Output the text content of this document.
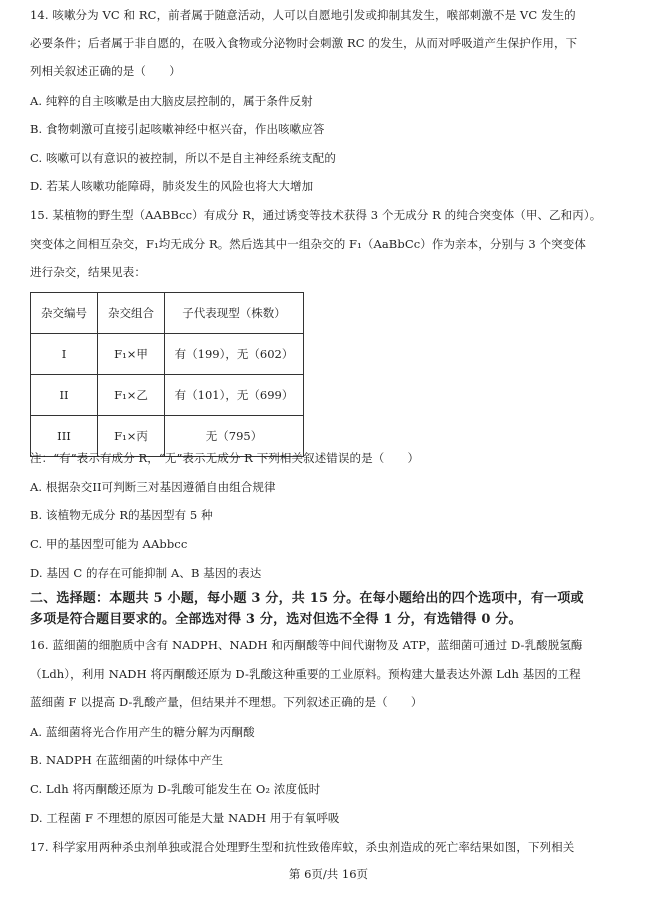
14. 咳嗽分为 VC 和 RC，前者属于随意活动，人可以自愿地引发或抑制其发生，喉部刺激不是 VC 发生的
必要条件；后者属于非自愿的，在吸入食物或分泌物时会刺激 RC 的发生，从而对呼吸道产生保护作用，下
列相关叙述正确的是（　　）
A. 纯粹的自主咳嗽是由大脑皮层控制的，属于条件反射
B. 食物刺激可直接引起咳嗽神经中枢兴奋，作出咳嗽应答
C. 咳嗽可以有意识的被控制，所以不是自主神经系统支配的
D. 若某人咳嗽功能障碍，肺炎发生的风险也将大大增加
15. 某植物的野生型（AABBcc）有成分 R，通过诱变等技术获得 3 个无成分 R 的纯合突变体（甲、乙和丙）。
突变体之间相互杂交，F₁均无成分 R。然后选其中一组杂交的 F₁（AaBbCc）作为亲本，分别与 3 个突变体
进行杂交，结果见表：
杂交编号	杂交组合	子代表现型（株数）
I	F₁×甲	有（199），无（602）
II	F₁×乙	有（101），无（699）
III	F₁×丙	无（795）
注：“有”表示有成分 R，“无”表示无成分 R 下列相关叙述错误的是（　　）
A. 根据杂交II可判断三对基因遵循自由组合规律
B. 该植物无成分 R的基因型有 5 种
C. 甲的基因型可能为 AAbbcc
D. 基因 C 的存在可能抑制 A、B 基因的表达
二、选择题：本题共 5 小题，每小题 3 分，共 15 分。在每小题给出的四个选项中，有一项或
多项是符合题目要求的。全部选对得 3 分，选对但选不全得 1 分，有选错得 0 分。
16. 蓝细菌的细胞质中含有 NADPH、NADH 和丙酮酸等中间代谢物及 ATP，蓝细菌可通过 D-乳酸脱氢酶
（Ldh），利用 NADH 将丙酮酸还原为 D-乳酸这种重要的工业原料。预构建大量表达外源 Ldh 基因的工程
蓝细菌 F 以提高 D-乳酸产量，但结果并不理想。下列叙述正确的是（　　）
A. 蓝细菌将光合作用产生的糖分解为丙酮酸
B. NADPH 在蓝细菌的叶绿体中产生
C. Ldh 将丙酮酸还原为 D-乳酸可能发生在 O₂ 浓度低时
D. 工程菌 F 不理想的原因可能是大量 NADH 用于有氧呼吸
17. 科学家用两种杀虫剂单独或混合处理野生型和抗性致倦库蚊，杀虫剂造成的死亡率结果如图，下列相关
第 6页/共 16页
